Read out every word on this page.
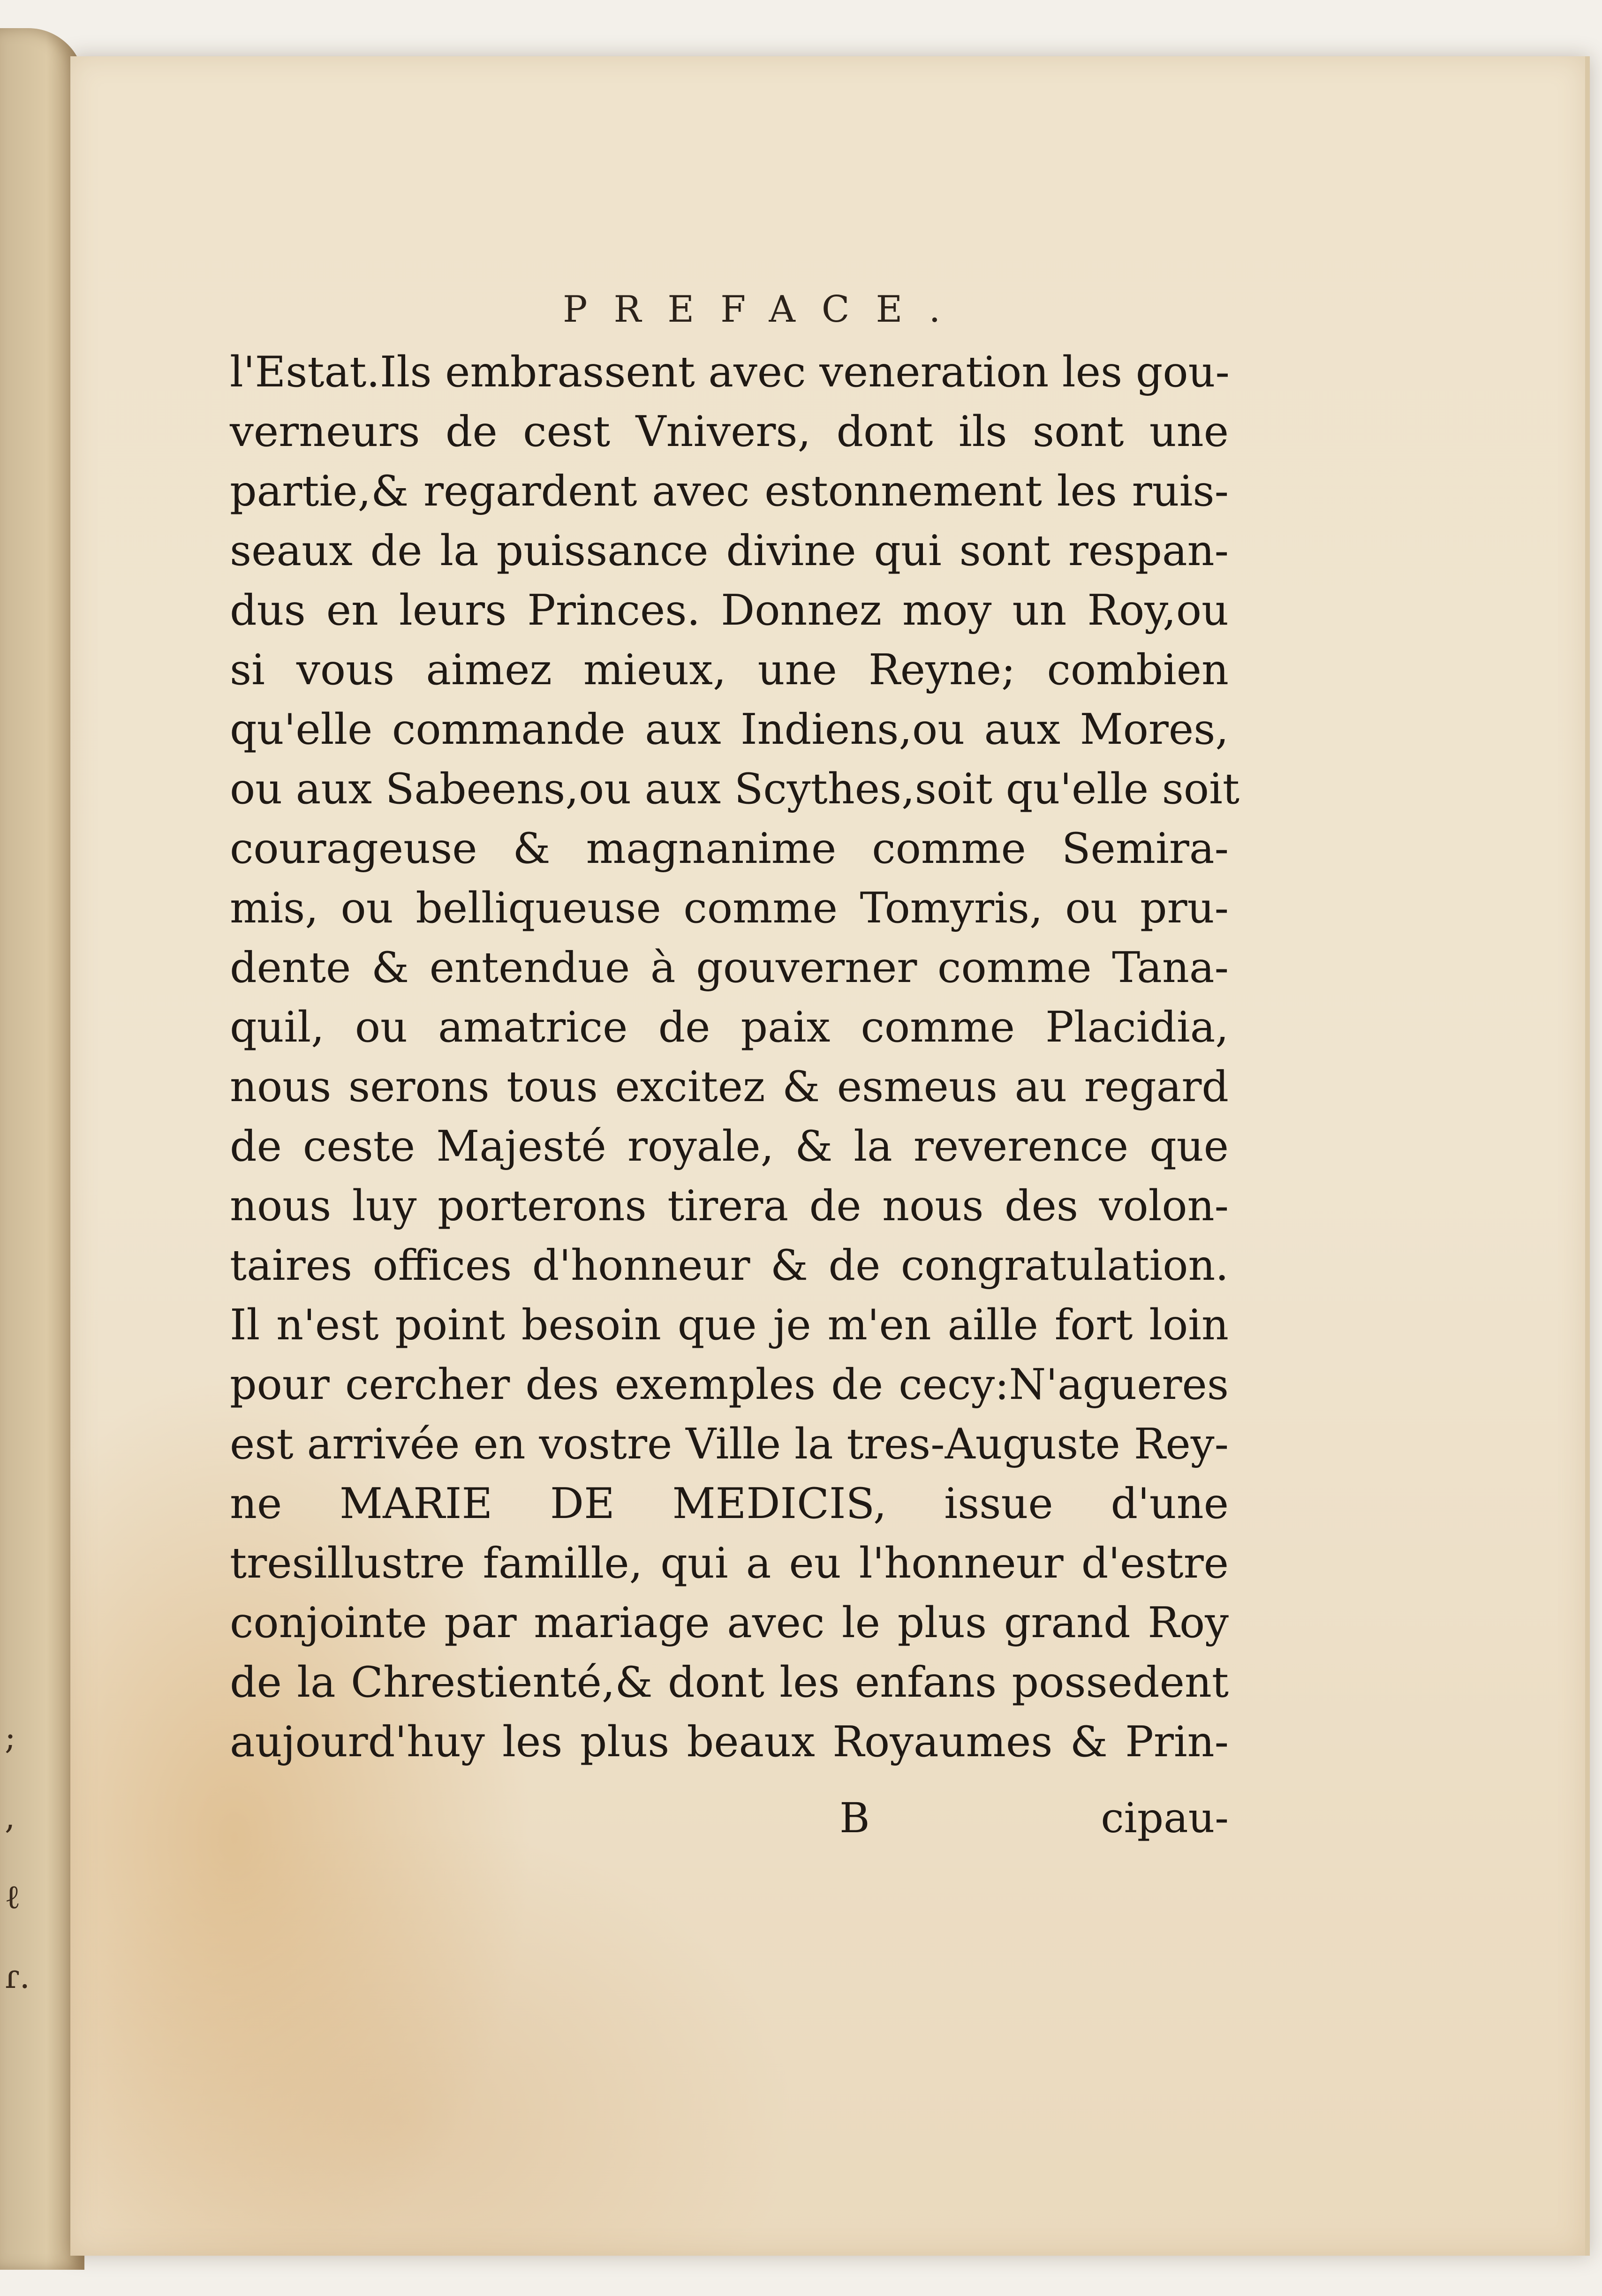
;
,
ℓ
ɾ.
PREFACE.
l'Estat.Ils embrassent avec veneration les gou-
verneurs de cest Vnivers, dont ils sont une
partie,& regardent avec estonnement les ruis-
seaux de la puissance divine qui sont respan-
dus en leurs Princes. Donnez moy un Roy,ou
si vous aimez mieux, une Reyne; combien
qu'elle commande aux Indiens,ou aux Mores,
ou aux Sabeens,ou aux Scythes,soit qu'elle soit
courageuse & magnanime comme Semira-
mis, ou belliqueuse comme Tomyris, ou pru-
dente & entendue à gouverner comme Tana-
quil, ou amatrice de paix comme Placidia,
nous serons tous excitez & esmeus au regard
de ceste Majesté royale, & la reverence que
nous luy porterons tirera de nous des volon-
taires offices d'honneur & de congratulation.
Il n'est point besoin que je m'en aille fort loin
pour cercher des exemples de cecy:N'agueres
est arrivée en vostre Ville la tres-Auguste Rey-
ne MARIE DE MEDICIS, issue d'une
tresillustre famille, qui a eu l'honneur d'estre
conjointe par mariage avec le plus grand Roy
de la Chrestienté,& dont les enfans possedent
aujourd'huy les plus beaux Royaumes & Prin-
B	cipau-
